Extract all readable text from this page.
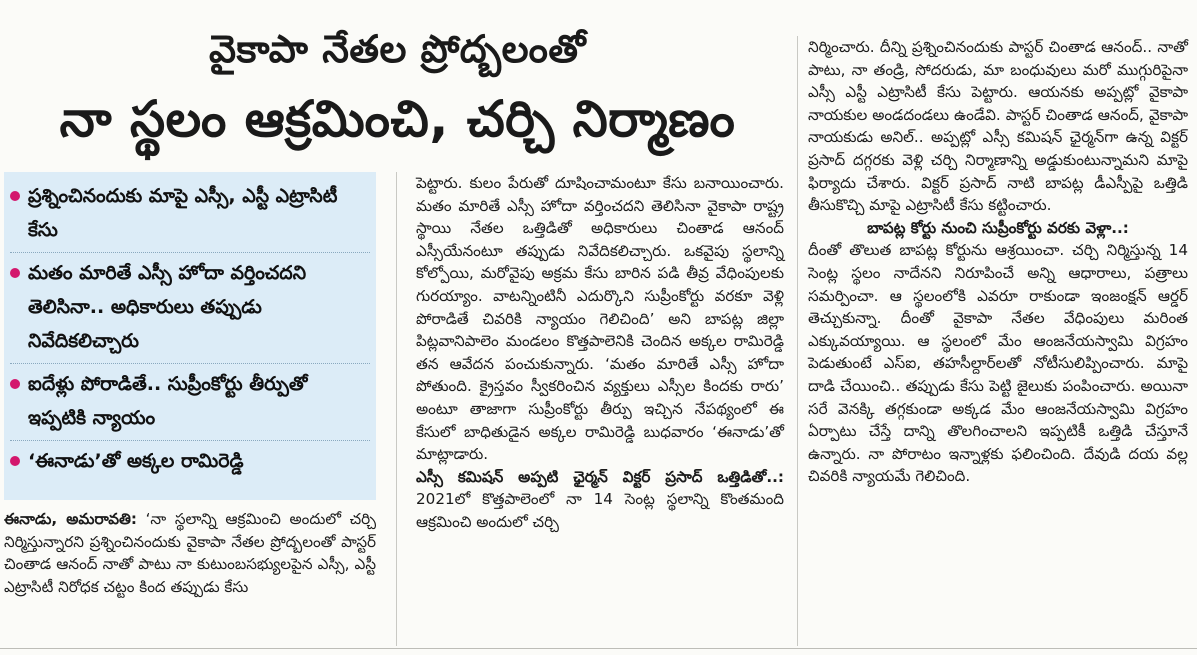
వైకాపా నేతల ప్రోద్బలంతో
నా స్థలం ఆక్రమించి, చర్చి నిర్మాణం
ప్రశ్నించినందుకు మాపై ఎస్సీ, ఎస్టీ ఎట్రాసిటీ కేసు
మతం మారితే ఎస్సీ హోదా వర్తించదని తెలిసినా.. అధికారులు తప్పుడు నివేదికలిచ్చారు
ఐదేళ్లు పోరాడితే.. సుప్రీంకోర్టు తీర్పుతో ఇప్పటికి న్యాయం
‘ఈనాడు’తో అక్కల రామిరెడ్డి

ఈనాడు, అమరావతి: ‘నా స్థలాన్ని ఆక్రమించి అందులో చర్చి నిర్మిస్తున్నారని ప్రశ్నించినందుకు వైకాపా నేతల ప్రోద్బలంతో పాస్టర్ చింతాడ ఆనంద్ నాతో పాటు నా కుటుంబసభ్యులపైన ఎస్సీ, ఎస్టీ ఎట్రాసిటీ నిరోధక చట్టం కింద తప్పుడు కేసు

పెట్టారు. కులం పేరుతో దూషించామంటూ కేసు బనాయించారు. మతం మారితే ఎస్సీ హోదా వర్తించదని తెలిసినా వైకాపా రాష్ట్ర స్థాయి నేతల ఒత్తిడితో అధికారులు చింతాడ ఆనంద్ ఎస్సీయేనంటూ తప్పుడు నివేదికలిచ్చారు. ఒకవైపు స్థలాన్ని కోల్పోయి, మరోవైపు అక్రమ కేసు బారిన పడి తీవ్ర వేధింపులకు గురయ్యాం. వాటన్నింటినీ ఎదుర్కొని సుప్రీంకోర్టు వరకూ వెళ్లి పోరాడితే చివరికి న్యాయం గెలిచింది’ అని బాపట్ల జిల్లా పిట్లవానిపాలెం మండలం కొత్తపాలెనికి చెందిన అక్కల రామిరెడ్డి తన ఆవేదన పంచుకున్నారు. ‘మతం మారితే ఎస్సీ హోదా పోతుంది. క్రైస్తవం స్వీకరించిన వ్యక్తులు ఎస్సీల కిందకు రారు’ అంటూ తాజాగా సుప్రీంకోర్టు తీర్పు ఇచ్చిన నేపథ్యంలో ఈ కేసులో బాధితుడైన అక్కల రామిరెడ్డి బుధవారం ‘ఈనాడు’తో మాట్లాడారు.

ఎస్సీ కమిషన్ అప్పటి ఛైర్మన్ విక్టర్ ప్రసాద్ ఒత్తిడితో..: 2021లో కొత్తపాలెంలో నా 14 సెంట్ల స్థలాన్ని కొంతమంది ఆక్రమించి అందులో చర్చి

నిర్మించారు. దీన్ని ప్రశ్నించినందుకు పాస్టర్ చింతాడ ఆనంద్.. నాతో పాటు, నా తండ్రి, సోదరుడు, మా బంధువులు మరో ముగ్గురిపైనా ఎస్సీ ఎస్టీ ఎట్రాసిటీ కేసు పెట్టారు. ఆయనకు అప్పట్లో వైకాపా నాయకుల అండదండలు ఉండేవి. పాస్టర్ చింతాడ ఆనంద్, వైకాపా నాయకుడు అనిల్.. అప్పట్లో ఎస్సీ కమిషన్ ఛైర్మన్‌గా ఉన్న విక్టర్ ప్రసాద్ దగ్గరకు వెళ్లి చర్చి నిర్మాణాన్ని అడ్డుకుంటున్నామని మాపై ఫిర్యాదు చేశారు. విక్టర్ ప్రసాద్ నాటి బాపట్ల డీఎస్పీపై ఒత్తిడి తీసుకొచ్చి మాపై ఎట్రాసిటీ కేసు కట్టించారు.

బాపట్ల కోర్టు నుంచి సుప్రీంకోర్టు వరకు వెళ్లా..:

దీంతో తొలుత బాపట్ల కోర్టును ఆశ్రయించా. చర్చి నిర్మిస్తున్న 14 సెంట్ల స్థలం నాదేనని నిరూపించే అన్ని ఆధారాలు, పత్రాలు సమర్పించా. ఆ స్థలంలోకి ఎవరూ రాకుండా ఇంజంక్షన్ ఆర్డర్ తెచ్చుకున్నా. దీంతో వైకాపా నేతల వేధింపులు మరింత ఎక్కువయ్యాయి. ఆ స్థలంలో మేం ఆంజనేయస్వామి విగ్రహం పెడుతుంటే ఎస్ఐ, తహసీల్దార్‌లతో నోటీసులిప్పించారు. మాపై దాడి చేయించి.. తప్పుడు కేసు పెట్టి జైలుకు పంపించారు. అయినా సరే వెనక్కి తగ్గకుండా అక్కడ మేం ఆంజనేయస్వామి విగ్రహం ఏర్పాటు చేస్తే దాన్ని తొలగించాలని ఇప్పటికీ ఒత్తిడి చేస్తూనే ఉన్నారు. నా పోరాటం ఇన్నాళ్లకు ఫలించింది. దేవుడి దయ వల్ల చివరికి న్యాయమే గెలిచింది.
